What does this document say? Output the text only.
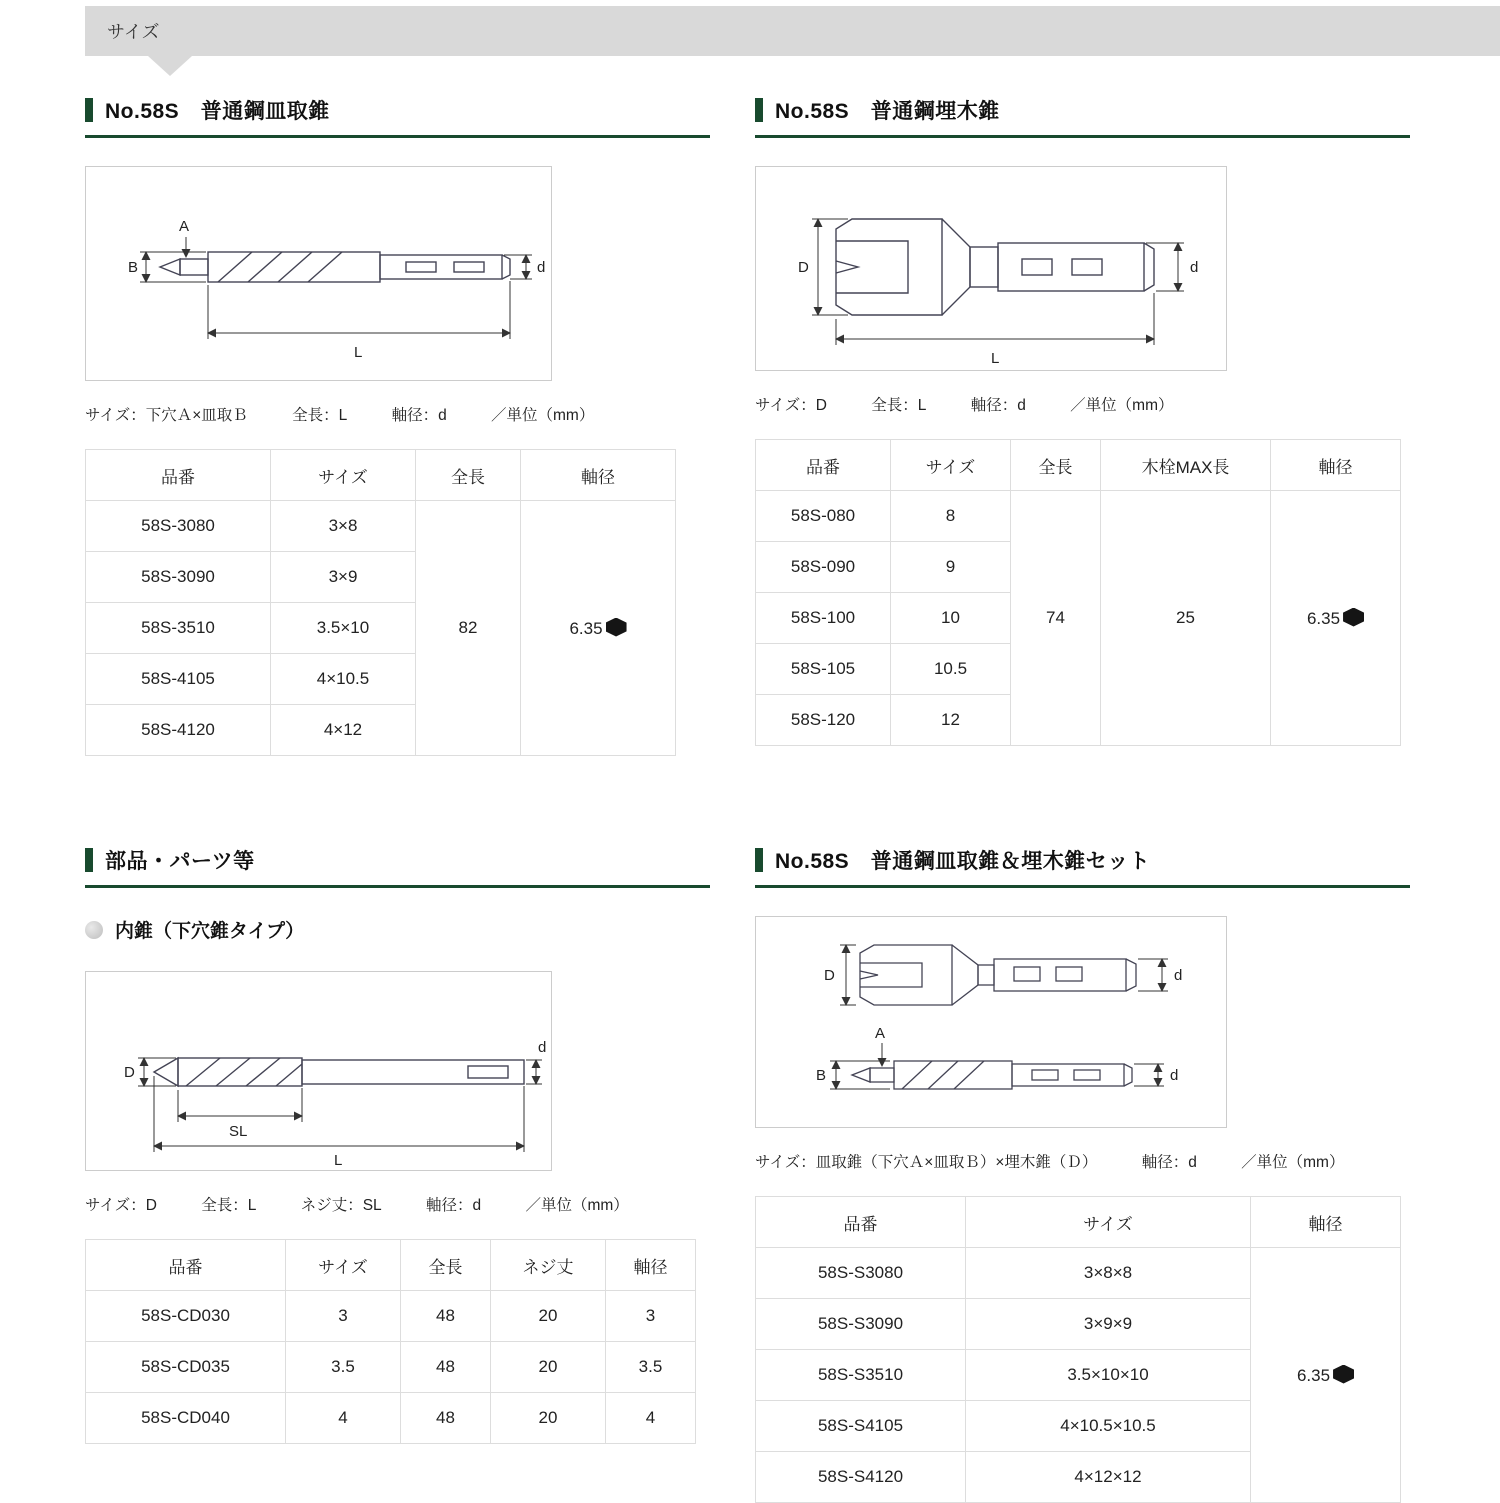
サイズ
No.58S　普通鋼皿取錐
A
B
L
d
サイズ：下穴Ａ×皿取Ｂ	全長：L	軸径：d	／単位（mm）
品番	サイズ	全長	軸径
58S-3080	3×8	82	6.35
58S-3090	3×9		
58S-3510	3.5×10		
58S-4105	4×10.5		
58S-4120	4×12		
No.58S　普通鋼埋木錐
D
L
d
サイズ：D	全長：L	軸径：d	／単位（mm）
品番	サイズ	全長	木栓MAX長	軸径
58S-080	8	74	25	6.35
58S-090	9			
58S-100	10			
58S-105	10.5			
58S-120	12			
部品・パーツ等
内錐（下穴錐タイプ）
D
SL
L
d
サイズ：D	全長：L	ネジ丈：SL	軸径：d	／単位（mm）
品番	サイズ	全長	ネジ丈	軸径
58S-CD030	3	48	20	3
58S-CD035	3.5	48	20	3.5
58S-CD040	4	48	20	4
No.58S　普通鋼皿取錐＆埋木錐セット
D	d
A
B	d
サイズ：皿取錐（下穴Ａ×皿取Ｂ）×埋木錐（Ｄ）	軸径：d	／単位（mm）
品番	サイズ	軸径
58S-S3080	3×8×8	6.35
58S-S3090	3×9×9	
58S-S3510	3.5×10×10	
58S-S4105	4×10.5×10.5	
58S-S4120	4×12×12	
